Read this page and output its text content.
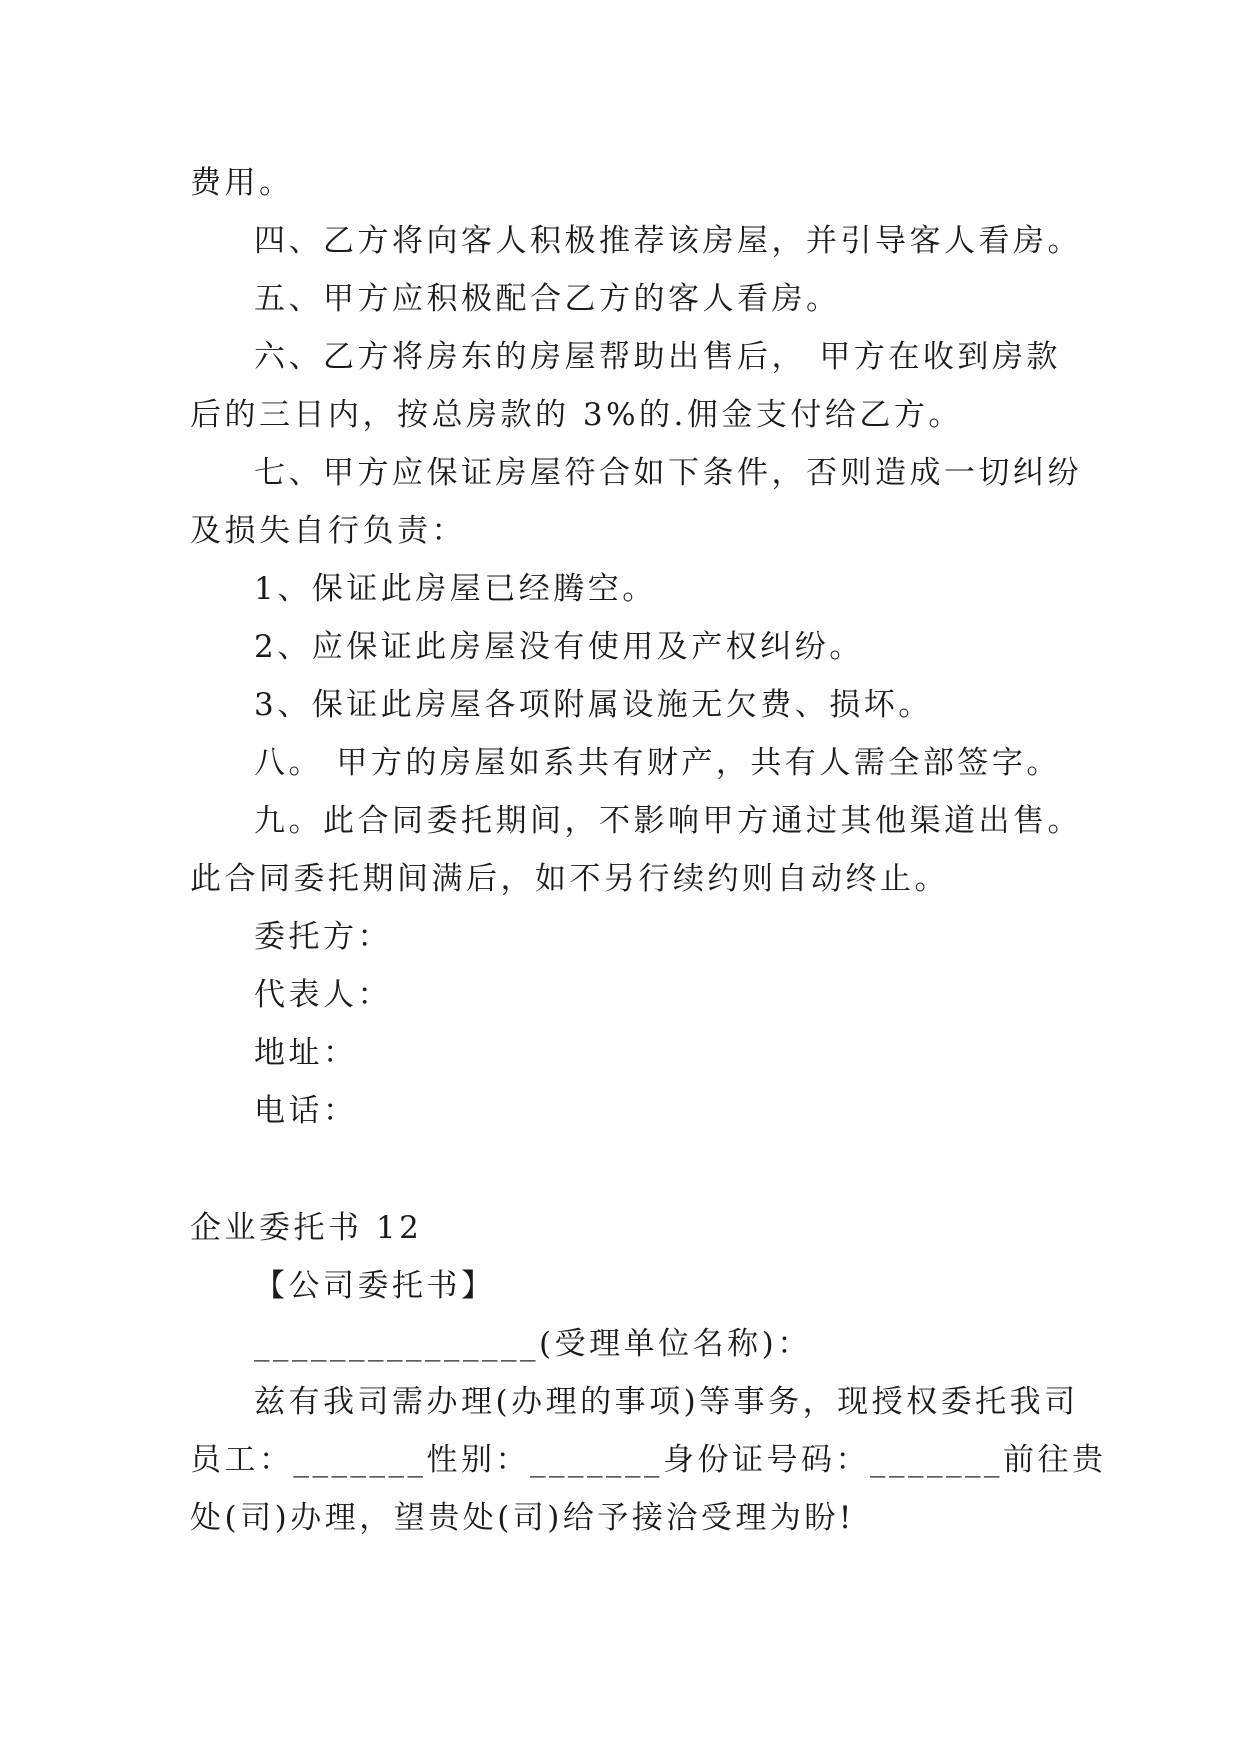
费用。
四、乙方将向客人积极推荐该房屋，并引导客人看房。
五、甲方应积极配合乙方的客人看房。
六、乙方将房东的房屋帮助出售后， 甲方在收到房款
后的三日内，按总房款的 3%的.佣金支付给乙方。
七、甲方应保证房屋符合如下条件，否则造成一切纠纷
及损失自行负责：
1、保证此房屋已经腾空。
2、应保证此房屋没有使用及产权纠纷。
3、保证此房屋各项附属设施无欠费、损坏。
八。 甲方的房屋如系共有财产，共有人需全部签字。
九。此合同委托期间，不影响甲方通过其他渠道出售。
此合同委托期间满后，如不另行续约则自动终止。
委托方：
代表人：
地址：
电话：
企业委托书 12
【公司委托书】
_______________(受理单位名称)：
兹有我司需办理(办理的事项)等事务，现授权委托我司
员工：_______性别：_______身份证号码：_______前往贵
处(司)办理，望贵处(司)给予接洽受理为盼!
